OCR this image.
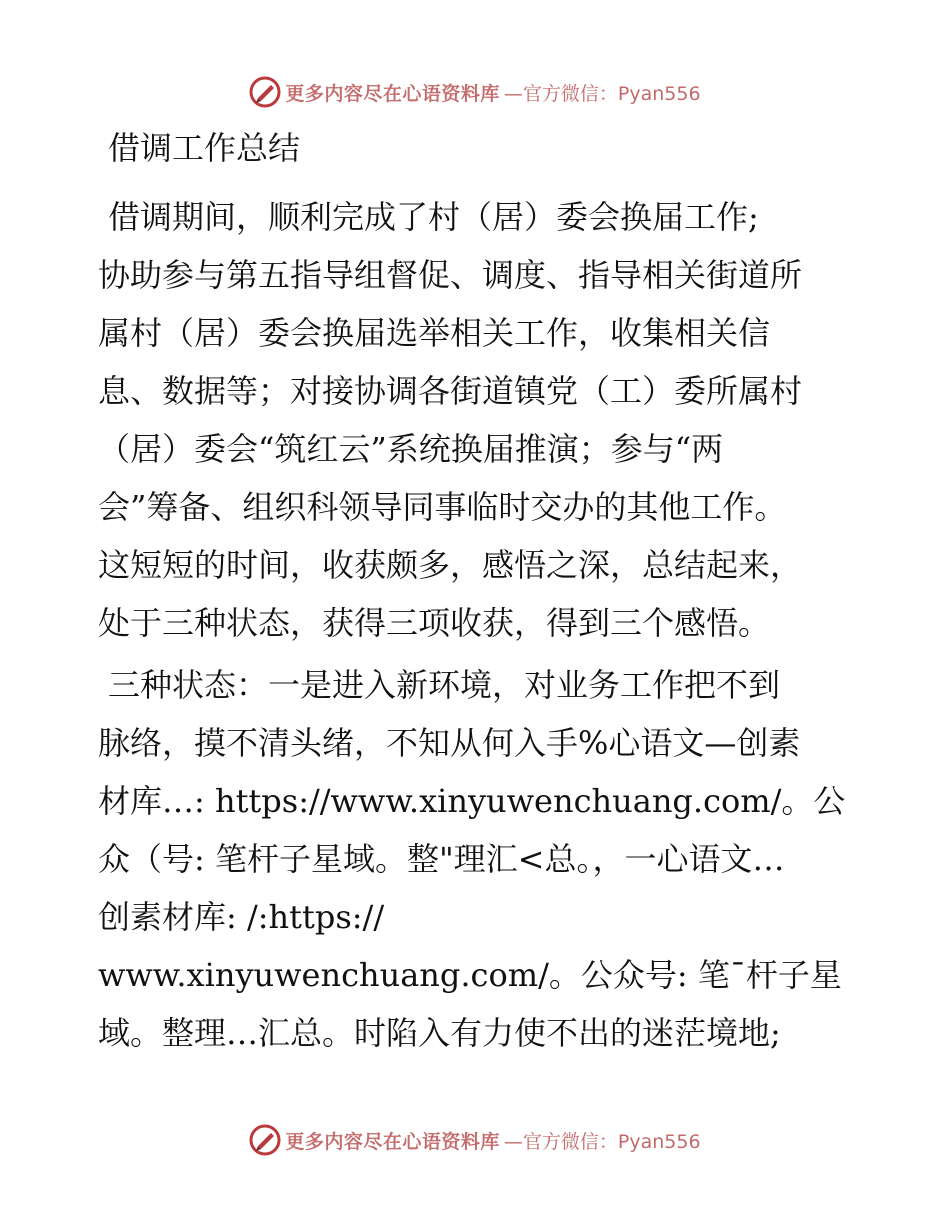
更多内容尽在心语资料库 —官方微信：Pyan556
借调工作总结
借调期间，顺利完成了村（居）委会换届工作;
协助参与第五指导组督促、调度、指导相关街道所
属村（居）委会换届选举相关工作，收集相关信
息、数据等；对接协调各街道镇党（工）委所属村
（居）委会“筑红云”系统换届推演；参与“两
会”筹备、组织科领导同事临时交办的其他工作。
这短短的时间，收获颇多，感悟之深，总结起来，
处于三种状态，获得三项收获，得到三个感悟。
三种状态：一是进入新环境，对业务工作把不到
脉络，摸不清头绪，不知从何入手%心语文—创素
材库…: https://www.xinyuwenchuang.com/。公
众（号: 笔杆子星域。整"理汇<总。，一心语文…
创素材库: /:https://
www.xinyuwenchuang.com/。公众号: 笔¯杆子星
域。整理…汇总。时陷入有力使不出的迷茫境地;
更多内容尽在心语资料库 —官方微信：Pyan556
